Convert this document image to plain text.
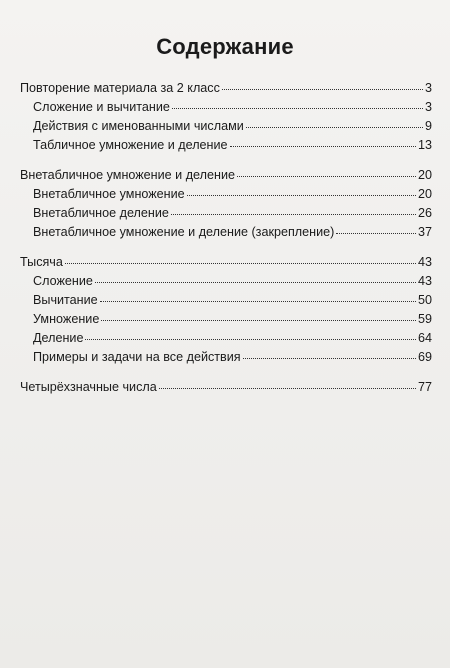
Содержание
Повторение материала за 2 класс	3
Сложение и вычитание	3
Действия с именованными числами	9
Табличное умножение и деление	13
Внетабличное умножение и деление	20
Внетабличное умножение	20
Внетабличное деление	26
Внетабличное умножение и деление (закрепление)	37
Тысяча	43
Сложение	43
Вычитание	50
Умножение	59
Деление	64
Примеры и задачи на все действия	69
Четырёхзначные числа	77
